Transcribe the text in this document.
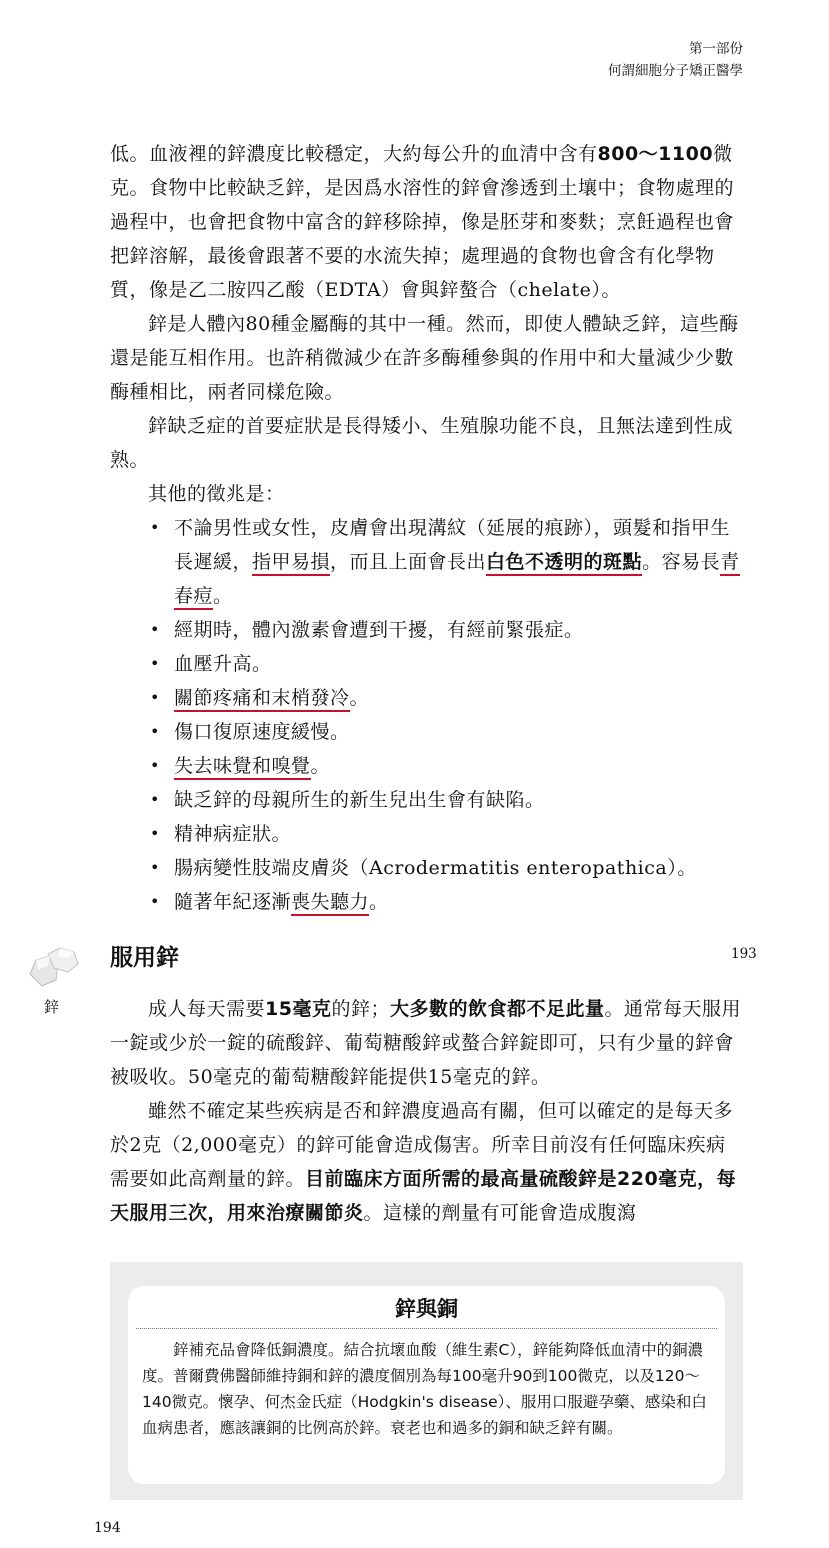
第一部份
何謂細胞分子矯正醫學

低。血液裡的鋅濃度比較穩定，大約每公升的血清中含有800～1100微克。食物中比較缺乏鋅，是因爲水溶性的鋅會滲透到土壤中；食物處理的過程中，也會把食物中富含的鋅移除掉，像是胚芽和麥麩；烹飪過程也會把鋅溶解，最後會跟著不要的水流失掉；處理過的食物也會含有化學物質，像是乙二胺四乙酸（EDTA）會與鋅螯合（chelate）。

鋅是人體內80種金屬酶的其中一種。然而，即使人體缺乏鋅，這些酶還是能互相作用。也許稍微減少在許多酶種參與的作用中和大量減少少數酶種相比，兩者同樣危險。

鋅缺乏症的首要症狀是長得矮小、生殖腺功能不良，且無法達到性成熟。

其他的徵兆是：

• 不論男性或女性，皮膚會出現溝紋（延展的痕跡），頭髮和指甲生長遲緩，指甲易損，而且上面會長出白色不透明的斑點。容易長青春痘。
• 經期時，體內激素會遭到干擾，有經前緊張症。
• 血壓升高。
• 關節疼痛和末梢發冷。
• 傷口復原速度緩慢。
• 失去味覺和嗅覺。
• 缺乏鋅的母親所生的新生兒出生會有缺陷。
• 精神病症狀。
• 腸病變性肢端皮膚炎（Acrodermatitis enteropathica）。
• 隨著年紀逐漸喪失聽力。
鋅
服用鋅	193

成人每天需要15毫克的鋅；大多數的飲食都不足此量。通常每天服用一錠或少於一錠的硫酸鋅、葡萄糖酸鋅或螯合鋅錠即可，只有少量的鋅會被吸收。50毫克的葡萄糖酸鋅能提供15毫克的鋅。

雖然不確定某些疾病是否和鋅濃度過高有關，但可以確定的是每天多於2克（2,000毫克）的鋅可能會造成傷害。所幸目前沒有任何臨床疾病需要如此高劑量的鋅。目前臨床方面所需的最高量硫酸鋅是220毫克，每天服用三次，用來治療關節炎。這樣的劑量有可能會造成腹瀉

鋅與銅
鋅補充品會降低銅濃度。結合抗壞血酸（維生素C），鋅能夠降低血清中的銅濃度。普爾費佛醫師維持銅和鋅的濃度個別為每100毫升90到100微克，以及120～140微克。懷孕、何杰金氏症（Hodgkin's disease）、服用口服避孕藥、感染和白血病患者，應該讓銅的比例高於鋅。衰老也和過多的銅和缺乏鋅有關。
194
